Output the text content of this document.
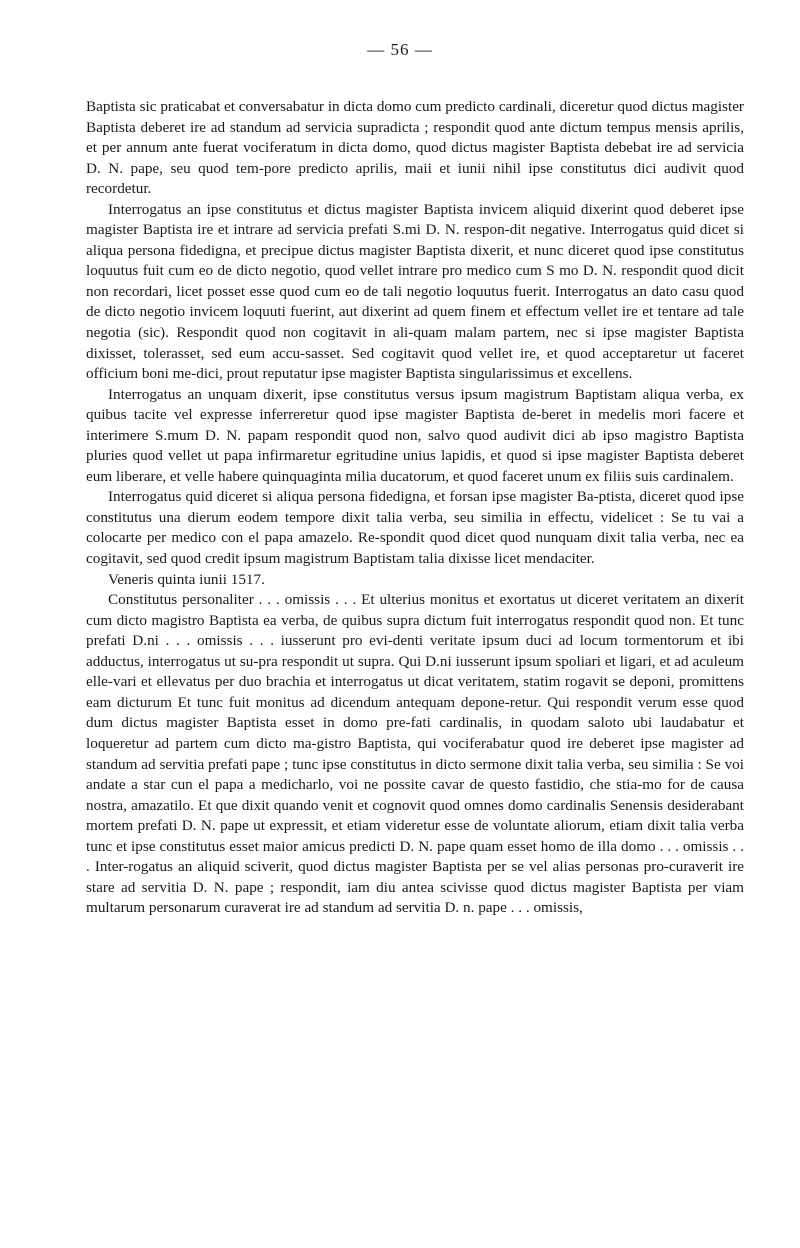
— 56 —

Baptista sic praticabat et conversabatur in dicta domo cum predicto cardinali, diceretur quod dictus magister Baptista deberet ire ad standum ad servicia supradicta ; respondit quod ante dictum tempus mensis aprilis, et per annum ante fuerat vociferatum in dicta domo, quod dictus magister Baptista debebat ire ad servicia D. N. pape, seu quod tem-pore predicto aprilis, maii et iunii nihil ipse constitutus dici audivit quod recordetur.

Interrogatus an ipse constitutus et dictus magister Baptista invicem aliquid dixerint quod deberet ipse magister Baptista ire et intrare ad servicia prefati S.mi D. N. respon-dit negative. Interrogatus quid dicet si aliqua persona fidedigna, et precipue dictus magister Baptista dixerit, et nunc diceret quod ipse constitutus loquutus fuit cum eo de dicto negotio, quod vellet intrare pro medico cum S mo D. N. respondit quod dicit non recordari, licet posset esse quod cum eo de tali negotio loquutus fuerit. Interrogatus an dato casu quod de dicto negotio invicem loquuti fuerint, aut dixerint ad quem finem et effectum vellet ire et tentare ad tale negotia (sic). Respondit quod non cogitavit in ali-quam malam partem, nec si ipse magister Baptista dixisset, tolerasset, sed eum accu-sasset. Sed cogitavit quod vellet ire, et quod acceptaretur ut faceret officium boni me-dici, prout reputatur ipse magister Baptista singularissimus et excellens.

Interrogatus an unquam dixerit, ipse constitutus versus ipsum magistrum Baptistam aliqua verba, ex quibus tacite vel expresse inferreretur quod ipse magister Baptista de-beret in medelis mori facere et interimere S.mum D. N. papam respondit quod non, salvo quod audivit dici ab ipso magistro Baptista pluries quod vellet ut papa infirmaretur egritudine unius lapidis, et quod si ipse magister Baptista deberet eum liberare, et velle habere quinquaginta milia ducatorum, et quod faceret unum ex filiis suis cardinalem.

Interrogatus quid diceret si aliqua persona fidedigna, et forsan ipse magister Ba-ptista, diceret quod ipse constitutus una dierum eodem tempore dixit talia verba, seu similia in effectu, videlicet : Se tu vai a colocarte per medico con el papa amazelo. Re-spondit quod dicet quod nunquam dixit talia verba, nec ea cogitavit, sed quod credit ipsum magistrum Baptistam talia dixisse licet mendaciter.

Veneris quinta iunii 1517.

Constitutus personaliter . . . omissis . . . Et ulterius monitus et exortatus ut diceret veritatem an dixerit cum dicto magistro Baptista ea verba, de quibus supra dictum fuit interrogatus respondit quod non. Et tunc prefati D.ni . . . omissis . . . iusserunt pro evi-denti veritate ipsum duci ad locum tormentorum et ibi adductus, interrogatus ut su-pra respondit ut supra. Qui D.ni iusserunt ipsum spoliari et ligari, et ad aculeum elle-vari et ellevatus per duo brachia et interrogatus ut dicat veritatem, statim rogavit se deponi, promittens eam dicturum Et tunc fuit monitus ad dicendum antequam depone-retur. Qui respondit verum esse quod dum dictus magister Baptista esset in domo pre-fati cardinalis, in quodam saloto ubi laudabatur et loqueretur ad partem cum dicto ma-gistro Baptista, qui vociferabatur quod ire deberet ipse magister ad standum ad servitia prefati pape ; tunc ipse constitutus in dicto sermone dixit talia verba, seu similia : Se voi andate a star cun el papa a medicharlo, voi ne possite cavar de questo fastidio, che stia-mo for de causa nostra, amazatilo. Et que dixit quando venit et cognovit quod omnes domo cardinalis Senensis desiderabant mortem prefati D. N. pape ut expressit, et etiam videretur esse de voluntate aliorum, etiam dixit talia verba tunc et ipse constitutus esset maior amicus predicti D. N. pape quam esset homo de illa domo . . . omissis . . . Inter-rogatus an aliquid sciverit, quod dictus magister Baptista per se vel alias personas pro-curaverit ire stare ad servitia D. N. pape ; respondit, iam diu antea scivisse quod dictus magister Baptista per viam multarum personarum curaverat ire ad standum ad servitia D. n. pape . . . omissis,
